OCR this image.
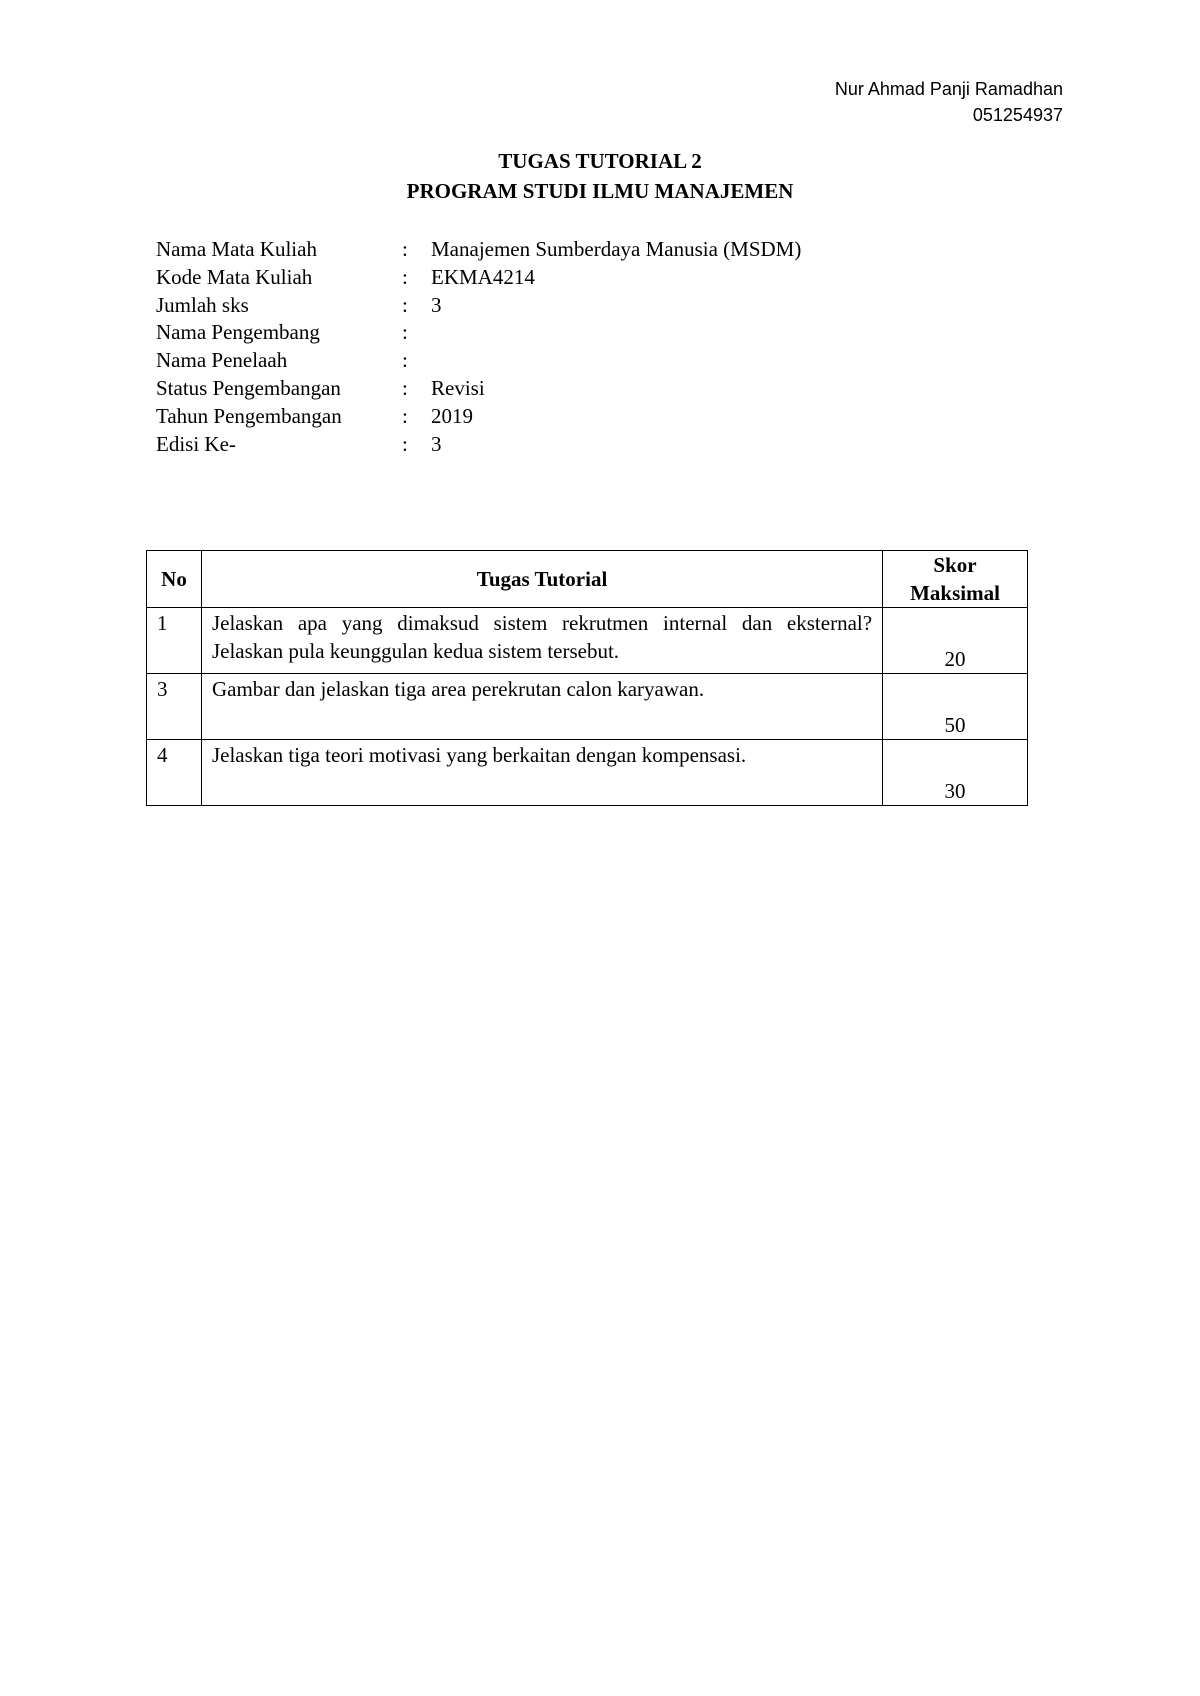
Nur Ahmad Panji Ramadhan
051254937
TUGAS TUTORIAL 2
PROGRAM STUDI ILMU MANAJEMEN
Nama Mata Kuliah	:	Manajemen Sumberdaya Manusia (MSDM)
Kode Mata Kuliah	:	EKMA4214
Jumlah sks	:	3
Nama Pengembang	:
Nama Penelaah	:
Status Pengembangan	:	Revisi
Tahun Pengembangan	:	2019
Edisi Ke-	:	3
No	Tugas Tutorial	Skor
Maksimal

1	Jelaskan apa yang dimaksud sistem rekrutmen internal dan eksternal? Jelaskan pula keunggulan kedua sistem tersebut.	20
3	Gambar dan jelaskan tiga area perekrutan calon karyawan.	50
4	Jelaskan tiga teori motivasi yang berkaitan dengan kompensasi.	30
